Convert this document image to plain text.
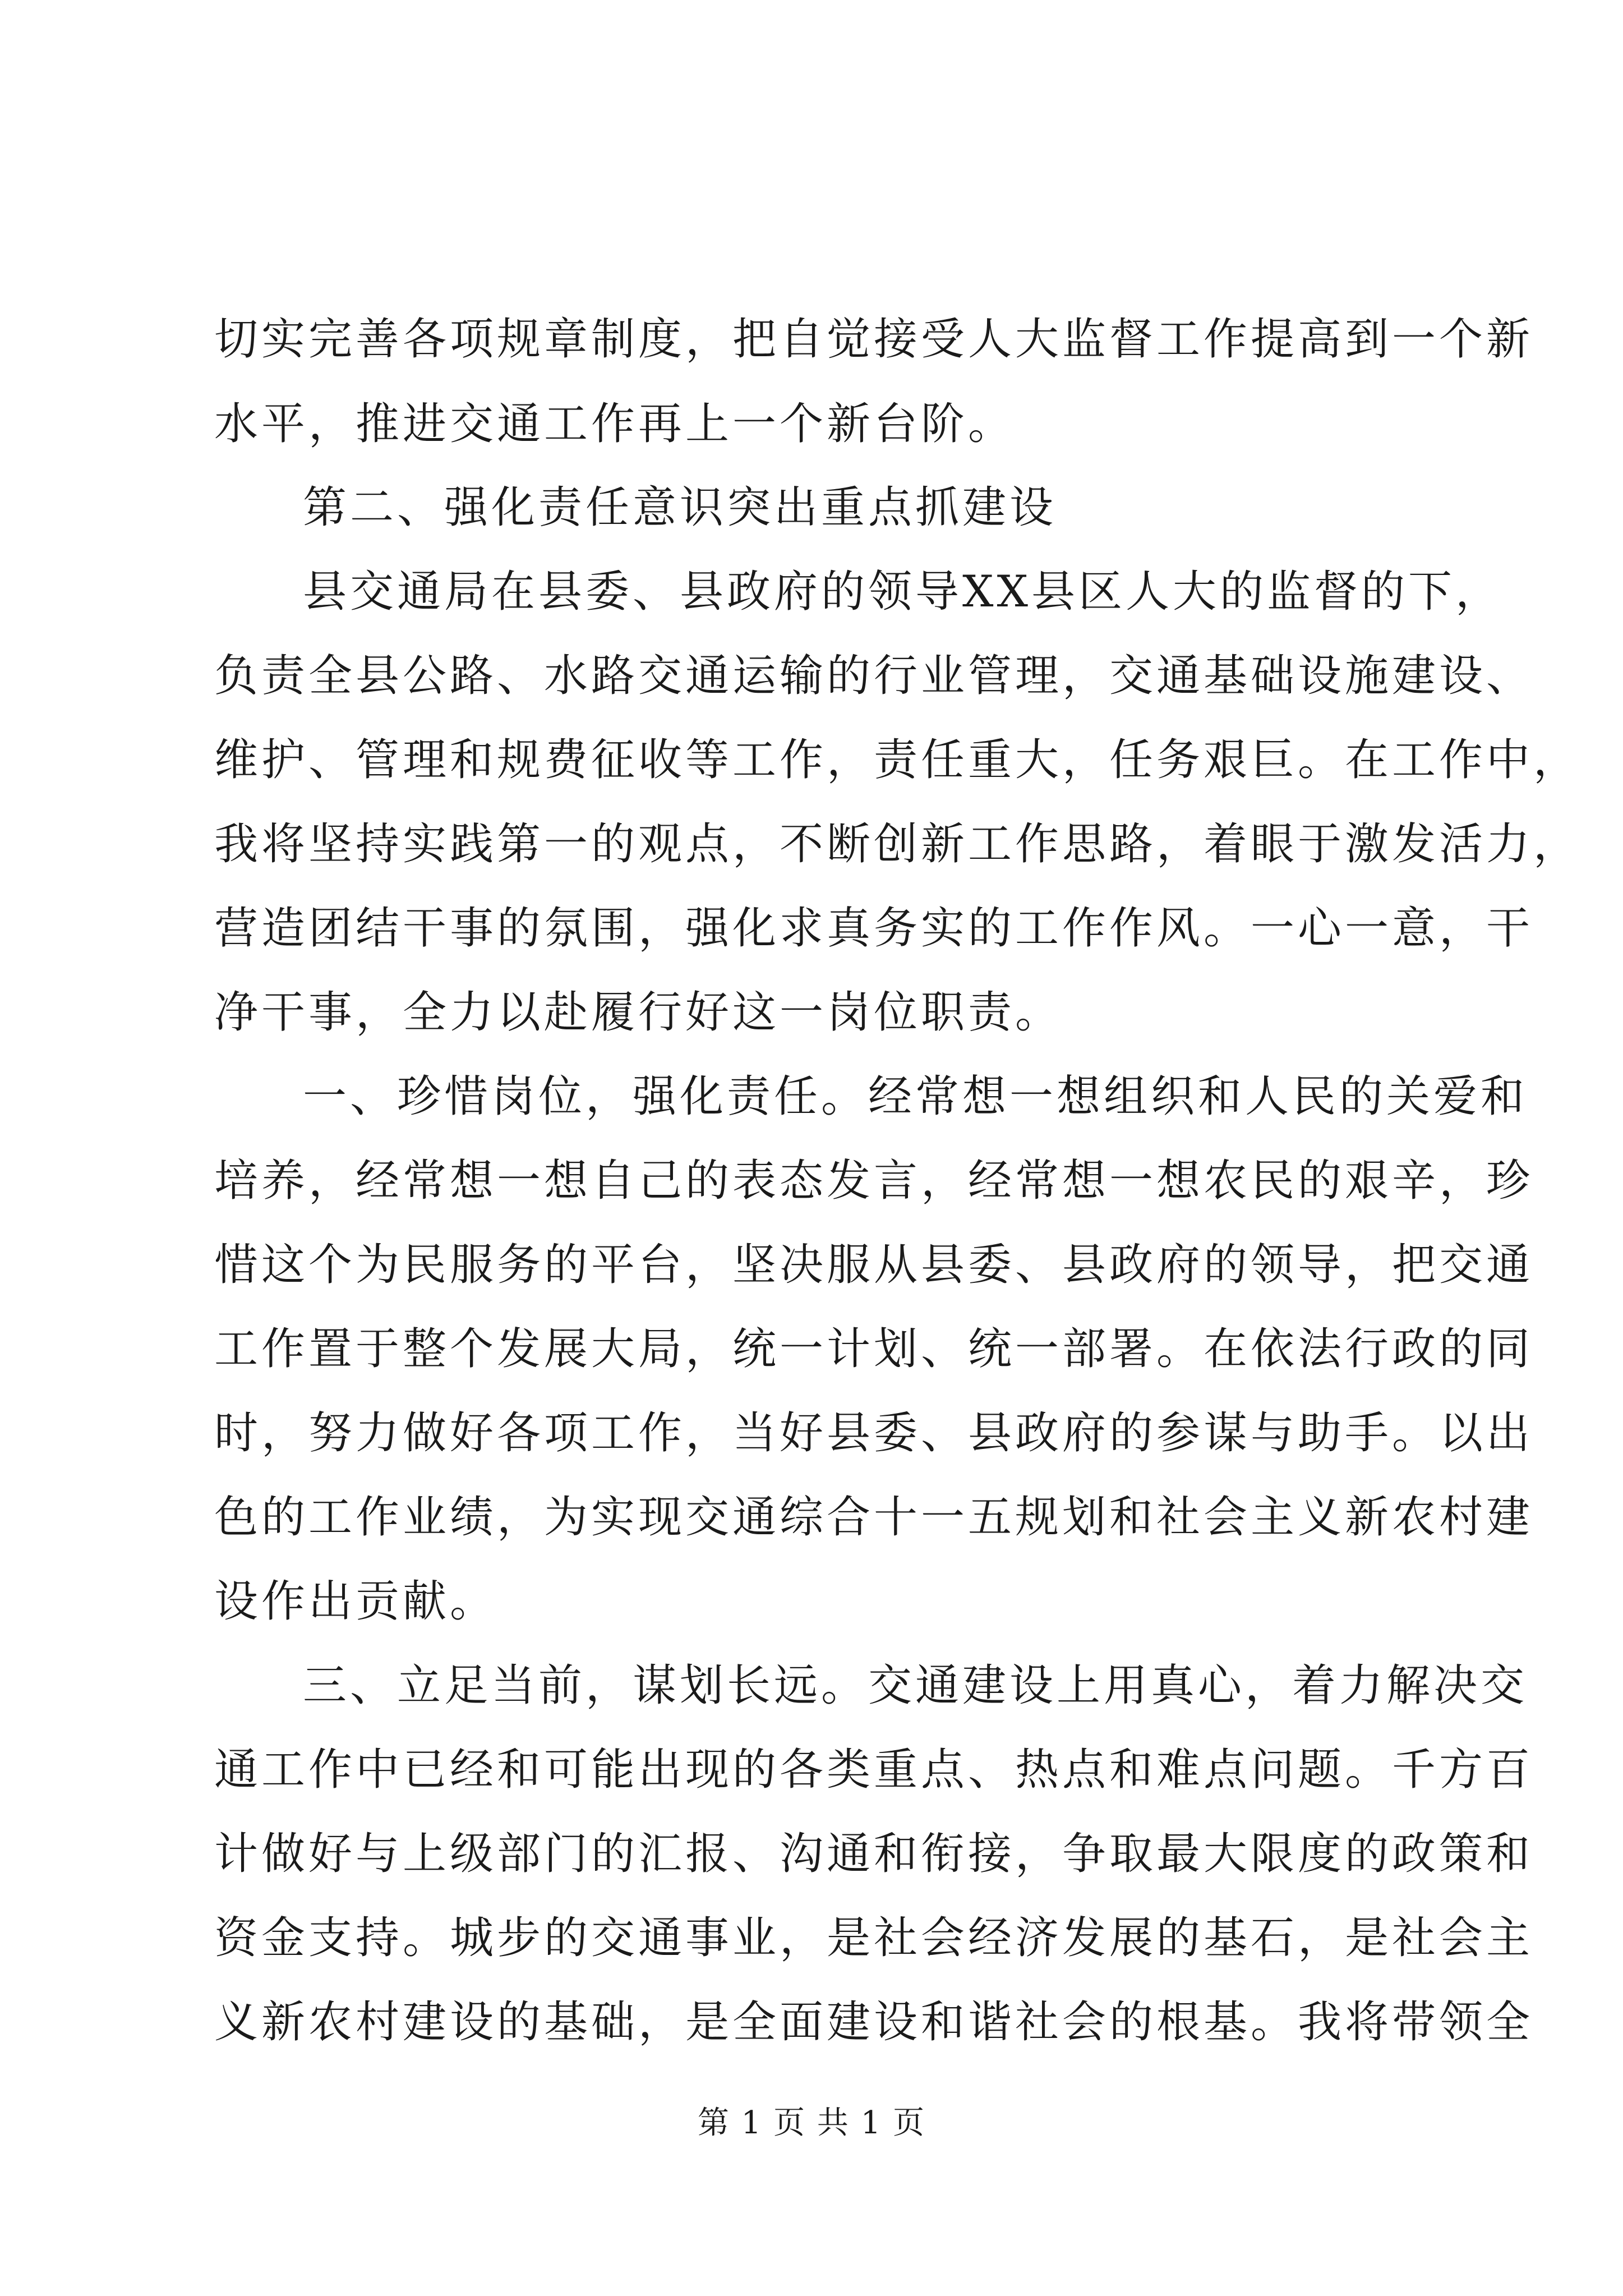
切实完善各项规章制度，把自觉接受人大监督工作提高到一个新
水平，推进交通工作再上一个新台阶。
第二、强化责任意识突出重点抓建设
县交通局在县委、县政府的领导XX县区人大的监督的下，
负责全县公路、水路交通运输的行业管理，交通基础设施建设、
维护、管理和规费征收等工作，责任重大，任务艰巨。在工作中，
我将坚持实践第一的观点，不断创新工作思路，着眼于激发活力，
营造团结干事的氛围，强化求真务实的工作作风。一心一意，干
净干事，全力以赴履行好这一岗位职责。
一、珍惜岗位，强化责任。经常想一想组织和人民的关爱和
培养，经常想一想自己的表态发言，经常想一想农民的艰辛，珍
惜这个为民服务的平台，坚决服从县委、县政府的领导，把交通
工作置于整个发展大局，统一计划、统一部署。在依法行政的同
时，努力做好各项工作，当好县委、县政府的参谋与助手。以出
色的工作业绩，为实现交通综合十一五规划和社会主义新农村建
设作出贡献。
三、立足当前，谋划长远。交通建设上用真心，着力解决交
通工作中已经和可能出现的各类重点、热点和难点问题。千方百
计做好与上级部门的汇报、沟通和衔接，争取最大限度的政策和
资金支持。城步的交通事业，是社会经济发展的基石，是社会主
义新农村建设的基础，是全面建设和谐社会的根基。我将带领全
第 1 页 共 1 页
